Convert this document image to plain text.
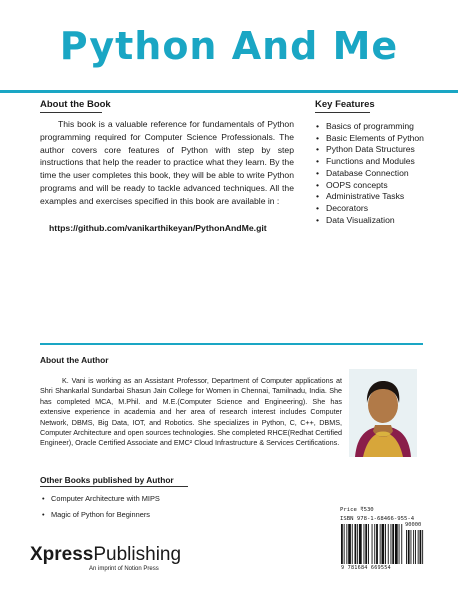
Python And Me
About the Book
This book is a valuable reference for fundamentals of Python programming required for Computer Science Professionals. The author covers core features of Python with step by step instructions that help the reader to practice what they learn. By the time the user completes this book, they will be able to write Python programs and will be ready to tackle advanced techniques. All the examples and exercises specified in this book are available in :
https://github.com/vanikarthikeyan/PythonAndMe.git
Key Features
• Basics of programming
• Basic Elements of Python
• Python Data Structures
• Functions and Modules
• Database Connection
• OOPS concepts
• Administrative Tasks
• Decorators
• Data Visualization
About the Author
K. Vani is working as an Assistant Professor, Department of Computer applications at Shri Shankarlal Sundarbai Shasun Jain College for Women in Chennai, Tamilnadu, India. She has completed MCA, M.Phil. and M.E.(Computer Science and Engineering). She has extensive experience in academia and her area of research interest includes Computer Network, DBMS, Big Data, IOT, and Robotics. She specializes in Python, C, C++, DBMS, Computer Architecture and open sources technologies. She completed RHCE(Redhat Certified Engineer), Oracle Certified Associate and EMC² Cloud Infrastructure & Services Certifications.
Other Books published by Author
• Computer Architecture with MIPS
• Magic of Python for Beginners
XpressPublishing
An imprint of Notion Press
Price ₹530
ISBN 978-1-68466-955-4
90000
9 781684 669554
